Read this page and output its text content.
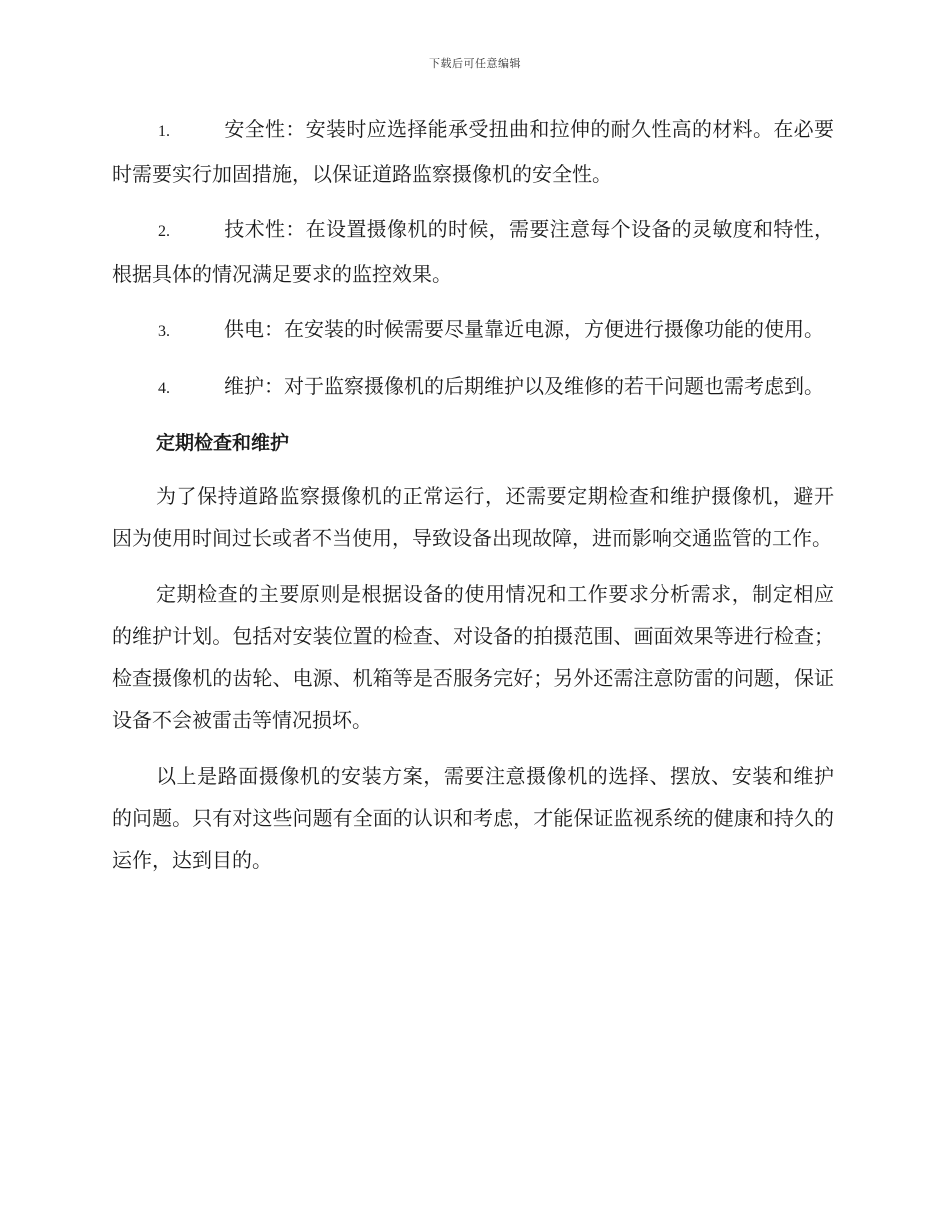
下载后可任意编辑
1.	安全性：安装时应选择能承受扭曲和拉伸的耐久性高的材料。在必要时需要实行加固措施，以保证道路监察摄像机的安全性。
2.	技术性：在设置摄像机的时候，需要注意每个设备的灵敏度和特性，根据具体的情况满足要求的监控效果。
3.	供电：在安装的时候需要尽量靠近电源，方便进行摄像功能的使用。
4.	维护：对于监察摄像机的后期维护以及维修的若干问题也需考虑到。
定期检查和维护

为了保持道路监察摄像机的正常运行，还需要定期检查和维护摄像机，避开因为使用时间过长或者不当使用，导致设备出现故障，进而影响交通监管的工作。

定期检查的主要原则是根据设备的使用情况和工作要求分析需求，制定相应的维护计划。包括对安装位置的检查、对设备的拍摄范围、画面效果等进行检查；检查摄像机的齿轮、电源、机箱等是否服务完好；另外还需注意防雷的问题，保证设备不会被雷击等情况损坏。

以上是路面摄像机的安装方案，需要注意摄像机的选择、摆放、安装和维护的问题。只有对这些问题有全面的认识和考虑，才能保证监视系统的健康和持久的运作，达到目的。
